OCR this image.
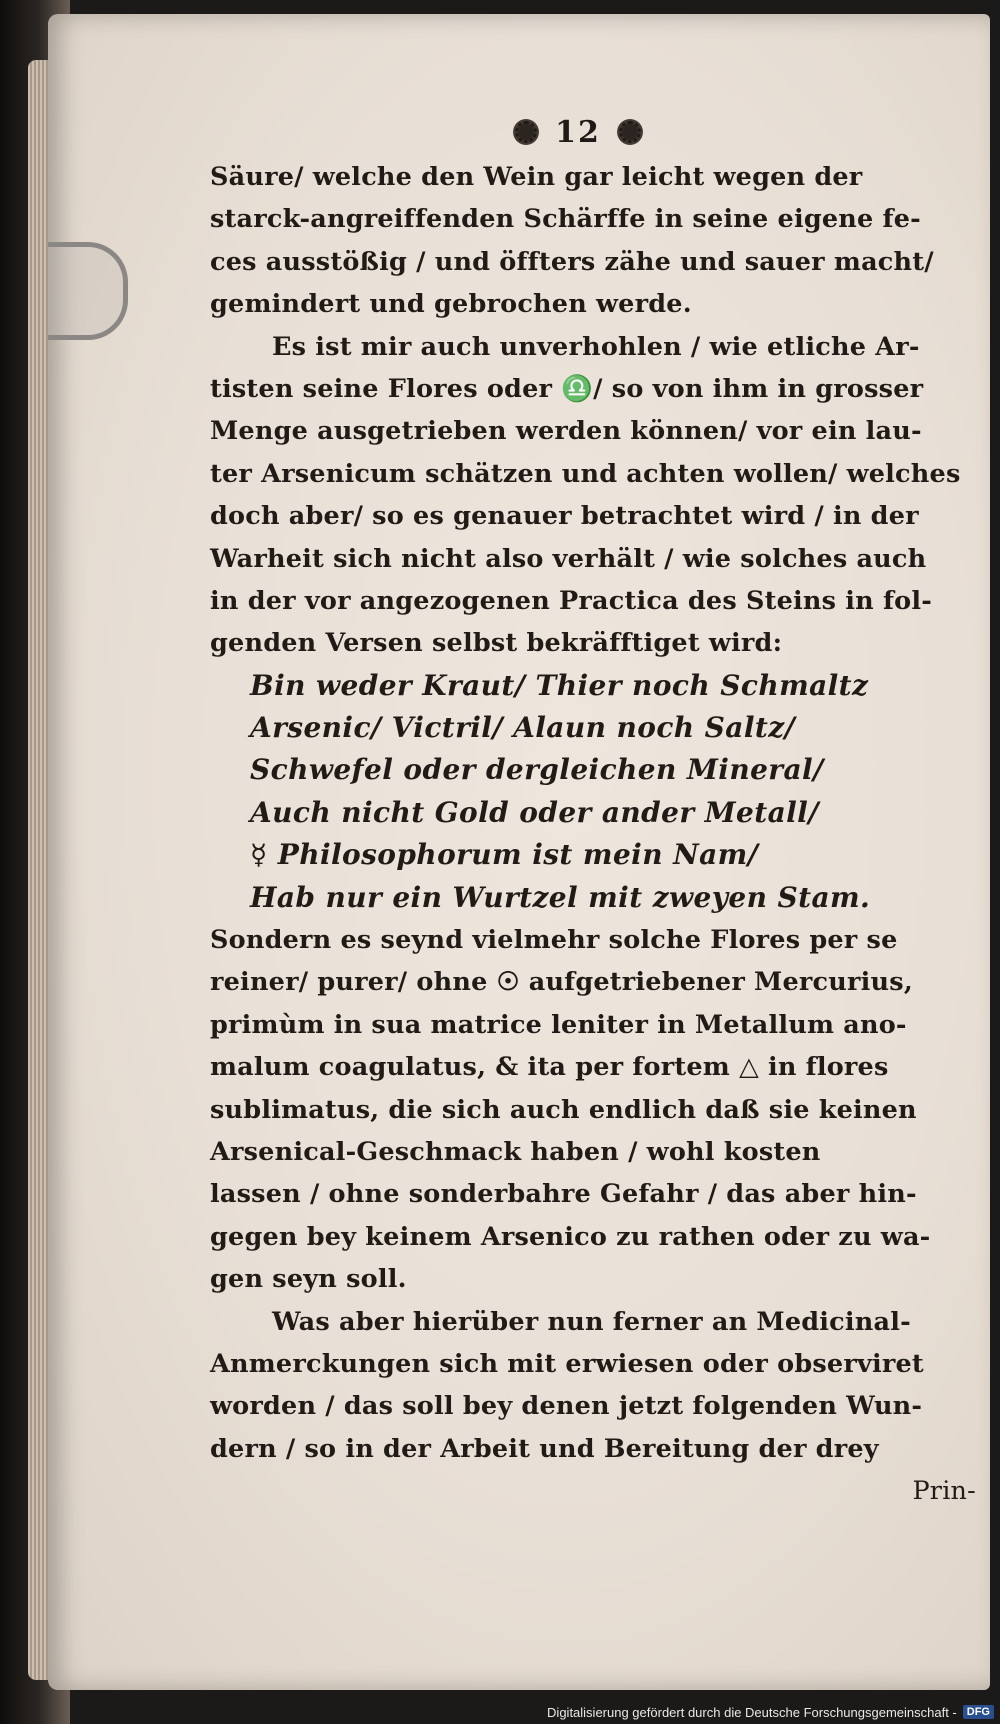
12
Säure/ welche den Wein gar leicht wegen der
starck-angreiffenden Schärffe in seine eigene fe-
ces ausstößig / und öffters zähe und sauer macht/
gemindert und gebrochen werde.
Es ist mir auch unverhohlen / wie etliche Ar-
tisten seine Flores oder ♎/ so von ihm in grosser
Menge ausgetrieben werden können/ vor ein lau-
ter Arsenicum schätzen und achten wollen/ welches
doch aber/ so es genauer betrachtet wird / in der
Warheit sich nicht also verhält / wie solches auch
in der vor angezogenen Practica des Steins in fol-
genden Versen selbst bekräfftiget wird:
Bin weder Kraut/ Thier noch Schmaltz
Arsenic/ Victril/ Alaun noch Saltz/
Schwefel oder dergleichen Mineral/
Auch nicht Gold oder ander Metall/
☿ Philosophorum ist mein Nam/
Hab nur ein Wurtzel mit zweyen Stam.
Sondern es seynd vielmehr solche Flores per se
reiner/ purer/ ohne ☉ aufgetriebener Mercurius,
primùm in sua matrice leniter in Metallum ano-
malum coagulatus, & ita per fortem △ in flores
sublimatus, die sich auch endlich daß sie keinen
Arsenical-Geschmack haben / wohl kosten
lassen / ohne sonderbahre Gefahr / das aber hin-
gegen bey keinem Arsenico zu rathen oder zu wa-
gen seyn soll.
Was aber hierüber nun ferner an Medicinal-
Anmerckungen sich mit erwiesen oder observiret
worden / das soll bey denen jetzt folgenden Wun-
dern / so in der Arbeit und Bereitung der drey
Prin-
Digitalisierung gefördert durch die Deutsche Forschungsgemeinschaft - DFG
